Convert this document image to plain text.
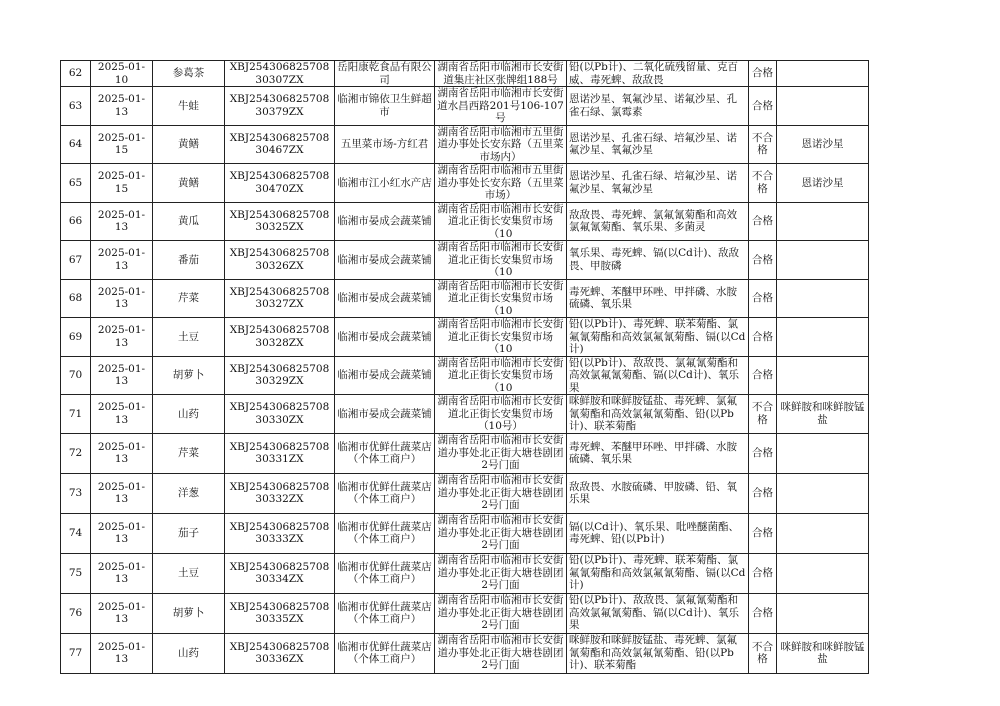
62	2025-01-10	参葛茶	XBJ25430682570830307ZX	岳阳康乾食品有限公司	湖南省岳阳市临湘市长安街道集庄社区张牌组188号	铅(以Pb计)、二氧化硫残留量、克百威、毒死蜱、敌敌畏	合格	
63	2025-01-13	牛蛙	XBJ25430682570830379ZX	临湘市锦依卫生鲜超市	湖南省岳阳市临湘市长安街道水昌西路201号106-107号	恩诺沙星、氧氟沙星、诺氟沙星、孔雀石绿、氯霉素	合格	
64	2025-01-15	黄鳝	XBJ25430682570830467ZX	五里菜市场-方红君	湖南省岳阳市临湘市五里街道办事处长安东路（五里菜市场内）	恩诺沙星、孔雀石绿、培氟沙星、诺氟沙星、氧氟沙星	不合格	恩诺沙星
65	2025-01-15	黄鳝	XBJ25430682570830470ZX	临湘市江小红水产店	湖南省岳阳市临湘市五里街道办事处长安东路（五里菜市场）	恩诺沙星、孔雀石绿、培氟沙星、诺氟沙星、氧氟沙星	不合格	恩诺沙星
66	2025-01-13	黄瓜	XBJ25430682570830325ZX	临湘市晏成会蔬菜铺	湖南省岳阳市临湘市长安街道北正街长安集贸市场（10	敌敌畏、毒死蜱、氯氟氰菊酯和高效氯氟氰菊酯、氧乐果、多菌灵	合格	
67	2025-01-13	番茄	XBJ25430682570830326ZX	临湘市晏成会蔬菜铺	湖南省岳阳市临湘市长安街道北正街长安集贸市场（10	氧乐果、毒死蜱、镉(以Cd计)、敌敌畏、甲胺磷	合格	
68	2025-01-13	芹菜	XBJ25430682570830327ZX	临湘市晏成会蔬菜铺	湖南省岳阳市临湘市长安街道北正街长安集贸市场（10	毒死蜱、苯醚甲环唑、甲拌磷、水胺硫磷、氧乐果	合格	
69	2025-01-13	土豆	XBJ25430682570830328ZX	临湘市晏成会蔬菜铺	湖南省岳阳市临湘市长安街道北正街长安集贸市场（10	铅(以Pb计)、毒死蜱、联苯菊酯、氯氟氰菊酯和高效氯氟氰菊酯、镉(以Cd计)	合格	
70	2025-01-13	胡萝卜	XBJ25430682570830329ZX	临湘市晏成会蔬菜铺	湖南省岳阳市临湘市长安街道北正街长安集贸市场（10	铅(以Pb计)、敌敌畏、氯氟氰菊酯和高效氯氟氰菊酯、镉(以Cd计)、氧乐果	合格	
71	2025-01-13	山药	XBJ25430682570830330ZX	临湘市晏成会蔬菜铺	湖南省岳阳市临湘市长安街道北正街长安集贸市场（10号）	咪鲜胺和咪鲜胺锰盐、毒死蜱、氯氟氰菊酯和高效氯氟氰菊酯、铅(以Pb计)、联苯菊酯	不合格	咪鲜胺和咪鲜胺锰盐
72	2025-01-13	芹菜	XBJ25430682570830331ZX	临湘市优鲜仕蔬菜店（个体工商户）	湖南省岳阳市临湘市长安街道办事处北正街大塘巷剧团2号门面	毒死蜱、苯醚甲环唑、甲拌磷、水胺硫磷、氧乐果	合格	
73	2025-01-13	洋葱	XBJ25430682570830332ZX	临湘市优鲜仕蔬菜店（个体工商户）	湖南省岳阳市临湘市长安街道办事处北正街大塘巷剧团2号门面	敌敌畏、水胺硫磷、甲胺磷、铅、氧乐果	合格	
74	2025-01-13	茄子	XBJ25430682570830333ZX	临湘市优鲜仕蔬菜店（个体工商户）	湖南省岳阳市临湘市长安街道办事处北正街大塘巷剧团2号门面	镉(以Cd计)、氧乐果、吡唑醚菌酯、毒死蜱、铅(以Pb计)	合格	
75	2025-01-13	土豆	XBJ25430682570830334ZX	临湘市优鲜仕蔬菜店（个体工商户）	湖南省岳阳市临湘市长安街道办事处北正街大塘巷剧团2号门面	铅(以Pb计)、毒死蜱、联苯菊酯、氯氟氰菊酯和高效氯氟氰菊酯、镉(以Cd计)	合格	
76	2025-01-13	胡萝卜	XBJ25430682570830335ZX	临湘市优鲜仕蔬菜店（个体工商户）	湖南省岳阳市临湘市长安街道办事处北正街大塘巷剧团2号门面	铅(以Pb计)、敌敌畏、氯氟氰菊酯和高效氯氟氰菊酯、镉(以Cd计)、氧乐果	合格	
77	2025-01-13	山药	XBJ25430682570830336ZX	临湘市优鲜仕蔬菜店（个体工商户）	湖南省岳阳市临湘市长安街道办事处北正街大塘巷剧团2号门面	咪鲜胺和咪鲜胺锰盐、毒死蜱、氯氟氰菊酯和高效氯氟氰菊酯、铅(以Pb计)、联苯菊酯	不合格	咪鲜胺和咪鲜胺锰盐
